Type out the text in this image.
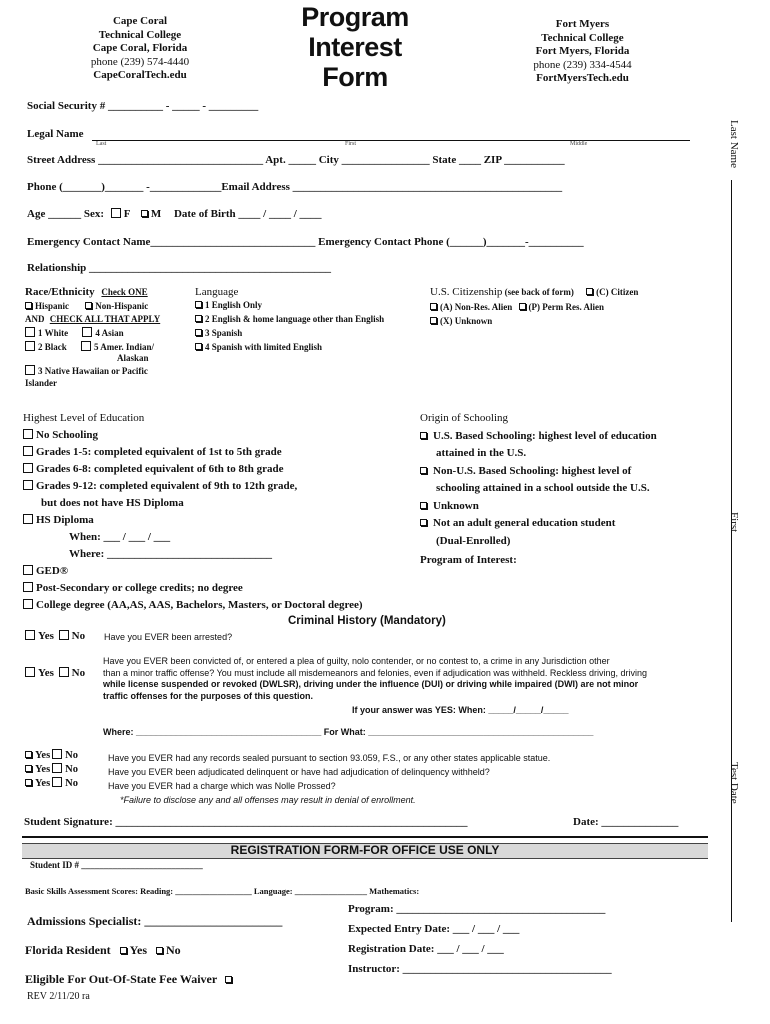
Cape Coral
Technical College
Cape Coral, Florida
phone (239) 574-4440
CapeCoralTech.edu
Program
Interest
Form
Fort Myers
Technical College
Fort Myers, Florida
phone (239) 334-4544
FortMyersTech.edu
Last Name
First
Test Date
Social Security # __________ - _____ - _________
Legal Name
Last	First	Middle
Street Address ______________________________ Apt. _____ City ________________ State ____ ZIP ___________
Phone (_______)_______ -_____________Email Address _________________________________________________
Age ______ Sex: F M Date of Birth ____ / ____ / ____
Emergency Contact Name______________________________ Emergency Contact Phone (______)_______-__________
Relationship ____________________________________________
Race/Ethnicity Check ONE
Hispanic	Non-Hispanic
AND CHECK ALL THAT APPLY
1 White	4 Asian
2 Black	5 Amer. Indian/
Alaskan
3 Native Hawaiian or Pacific
Islander
Language
1 English Only
2 English & home language other than English
3 Spanish
4 Spanish with limited English
U.S. Citizenship (see back of form) (C) Citizen
(A) Non-Res. Alien (P) Perm Res. Alien
(X) Unknown
Highest Level of Education
No Schooling
Grades 1-5: completed equivalent of 1st to 5th grade
Grades 6-8: completed equivalent of 6th to 8th grade
Grades 9-12: completed equivalent of 9th to 12th grade,
but does not have HS Diploma
HS Diploma
When: ___ / ___ / ___
Where: ______________________________
GED®
Post-Secondary or college credits; no degree
College degree (AA,AS, AAS, Bachelors, Masters, or Doctoral degree)
Origin of Schooling
U.S. Based Schooling: highest level of education
attained in the U.S.
Non-U.S. Based Schooling: highest level of
schooling attained in a school outside the U.S.
Unknown
Not an adult general education student
(Dual-Enrolled)
Program of Interest:
Criminal History (Mandatory)
Yes No Have you EVER been arrested?
Yes No
Have you EVER been convicted of, or entered a plea of guilty, nolo contender, or no contest to, a crime in any Jurisdiction other
than a minor traffic offense? You must include all misdemeanors and felonies, even if adjudication was withheld. Reckless driving, driving
while license suspended or revoked (DWLSR), driving under the influence (DUI) or driving while impaired (DWI) are not minor
traffic offenses for the purposes of this question.
If your answer was YES: When: _____/_____/_____
Where: _____________________________________ For What: _____________________________________________
Yes No
Yes No
Yes No
Have you EVER had any records sealed pursuant to section 93.059, F.S., or any other states applicable statue.
Have you EVER been adjudicated delinquent or have had adjudication of delinquency withheld?
Have you EVER had a charge which was Nolle Prossed?
*Failure to disclose any and all offenses may result in denial of enrollment.
Student Signature: ________________________________________________________________	Date: ______________
REGISTRATION FORM-FOR OFFICE USE ONLY
Student ID # ___________________________
Basic Skills Assessment Scores: Reading: __________________ Language: _________________ Mathematics:
Program: ______________________________________
Admissions Specialist: _______________________
Expected Entry Date: ___ / ___ / ___
Florida Resident Yes No	Registration Date: ___ / ___ / ___
Instructor: ______________________________________
Eligible For Out-Of-State Fee Waiver
REV 2/11/20 ra
